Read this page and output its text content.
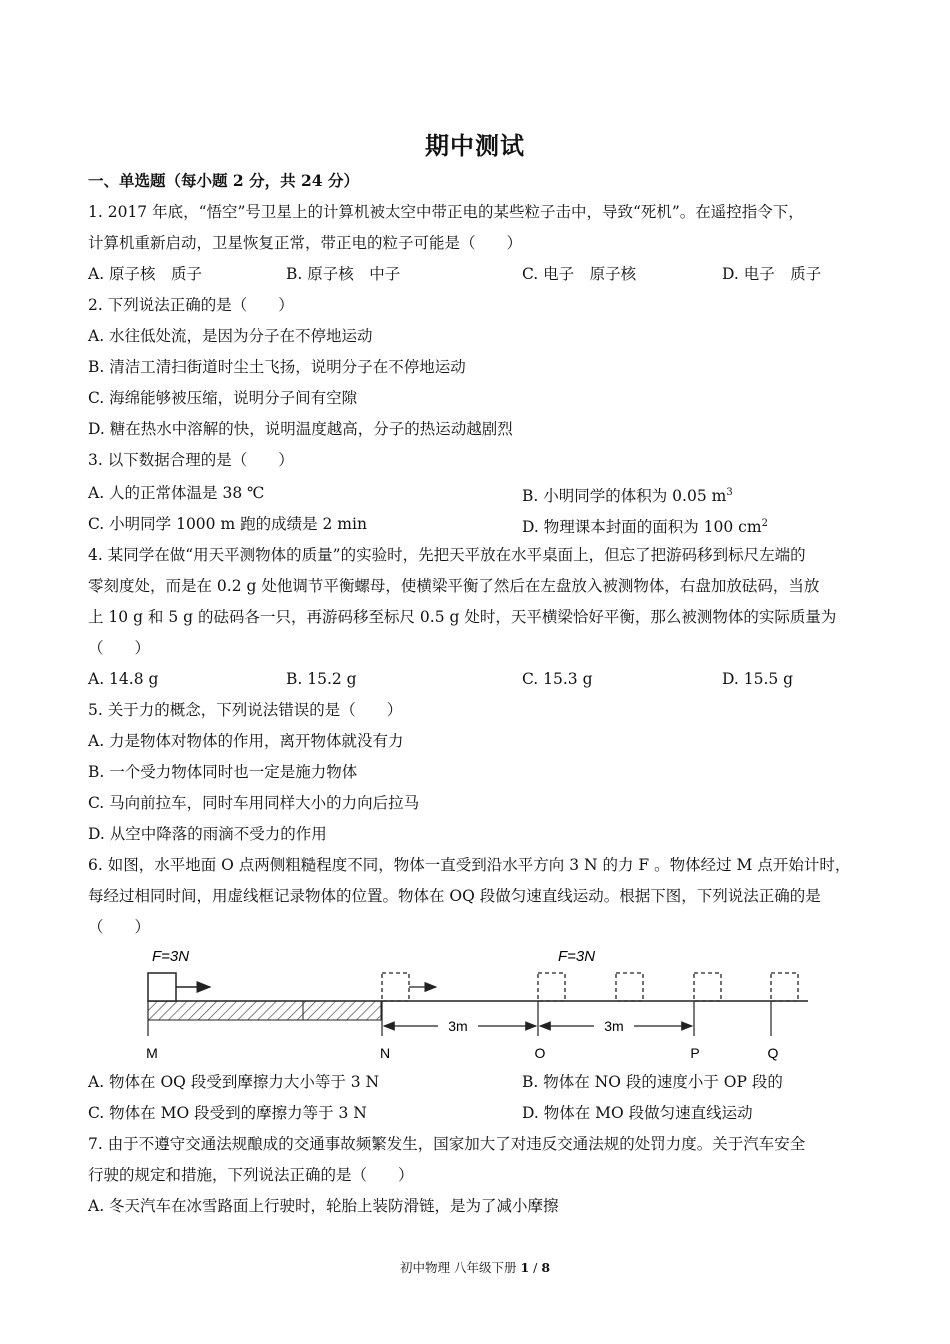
期中测试
一、单选题（每小题 2 分，共 24 分）
1. 2017 年底，“悟空”号卫星上的计算机被太空中带正电的某些粒子击中，导致“死机”。在遥控指令下，
计算机重新启动，卫星恢复正常，带正电的粒子可能是（　　）
A. 原子核　质子	B. 原子核　中子	C. 电子　原子核	D. 电子　质子
2. 下列说法正确的是（　　）
A. 水往低处流，是因为分子在不停地运动
B. 清洁工清扫街道时尘土飞扬，说明分子在不停地运动
C. 海绵能够被压缩，说明分子间有空隙
D. 糖在热水中溶解的快，说明温度越高，分子的热运动越剧烈
3. 以下数据合理的是（　　）
A. 人的正常体温是 38 ℃	B. 小明同学的体积为 0.05 $m^3$
C. 小明同学 1000 m 跑的成绩是 2 min	D. 物理课本封面的面积为 100 $cm^2$
4. 某同学在做“用天平测物体的质量”的实验时，先把天平放在水平桌面上，但忘了把游码移到标尺左端的
零刻度处，而是在 0.2 g 处他调节平衡螺母，使横梁平衡了然后在左盘放入被测物体，右盘加放砝码，当放
上 10 g 和 5 g 的砝码各一只，再游码移至标尺 0.5 g 处时，天平横梁恰好平衡，那么被测物体的实际质量为
（　　）
A. 14.8 g	B. 15.2 g	C. 15.3 g	D. 15.5 g
5. 关于力的概念，下列说法错误的是（　　）
A. 力是物体对物体的作用，离开物体就没有力
B. 一个受力物体同时也一定是施力物体
C. 马向前拉车，同时车用同样大小的力向后拉马
D. 从空中降落的雨滴不受力的作用
6. 如图，水平地面 O 点两侧粗糙程度不同，物体一直受到沿水平方向 3 N 的力 F 。物体经过 M 点开始计时，
每经过相同时间，用虚线框记录物体的位置。物体在 OQ 段做匀速直线运动。根据下图，下列说法正确的是
（　　）
F=3N	F=3N
3m	3m
M	N	O	P	Q
A. 物体在 OQ 段受到摩擦力大小等于 3 N	B. 物体在 NO 段的速度小于 OP 段的
C. 物体在 MO 段受到的摩擦力等于 3 N	D. 物体在 MO 段做匀速直线运动
7. 由于不遵守交通法规酿成的交通事故频繁发生，国家加大了对违反交通法规的处罚力度。关于汽车安全
行驶的规定和措施，下列说法正确的是（　　）
A. 冬天汽车在冰雪路面上行驶时，轮胎上装防滑链，是为了减小摩擦
初中物理 八年级下册 1 / 8
